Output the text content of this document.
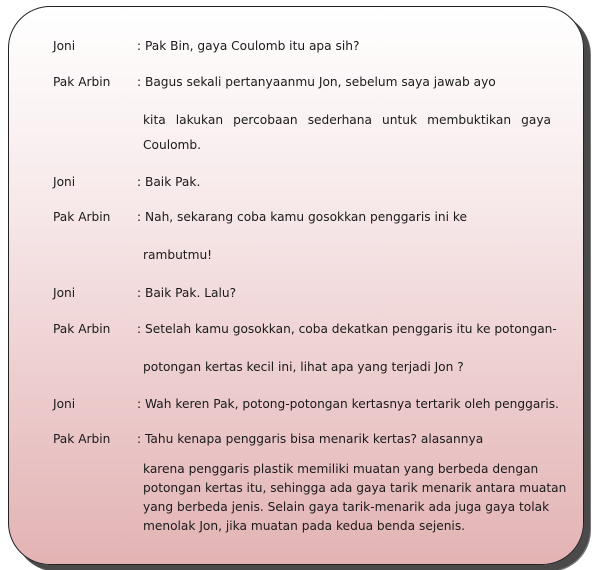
Joni	: Pak Bin, gaya Coulomb itu apa sih?
Pak Arbin : Bagus sekali pertanyaanmu Jon, sebelum saya jawab ayo
kita lakukan percobaan sederhana untuk membuktikan gaya
Coulomb.
Joni	: Baik Pak.
Pak Arbin : Nah, sekarang coba kamu gosokkan penggaris ini ke
rambutmu!
Joni	: Baik Pak. Lalu?
Pak Arbin : Setelah kamu gosokkan, coba dekatkan penggaris itu ke potongan-
potongan kertas kecil ini, lihat apa yang terjadi Jon ?
Joni	: Wah keren Pak, potong-potongan kertasnya tertarik oleh penggaris.
Pak Arbin : Tahu kenapa penggaris bisa menarik kertas? alasannya
karena penggaris plastik memiliki muatan yang berbeda dengan
potongan kertas itu, sehingga ada gaya tarik menarik antara muatan
yang berbeda jenis. Selain gaya tarik-menarik ada juga gaya tolak
menolak Jon, jika muatan pada kedua benda sejenis.
